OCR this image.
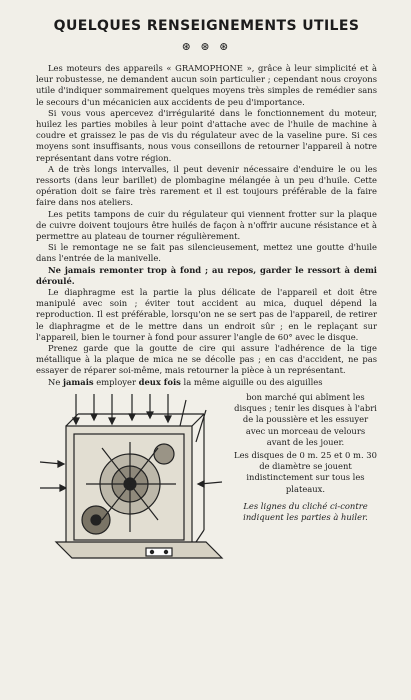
QUELQUES RENSEIGNEMENTS UTILES
⊛ ⊛ ⊛

Les moteurs des appareils « GRAMOPHONE », grâce à leur simplicité et à leur robustesse, ne demandent aucun soin particulier ; cependant nous croyons utile d'indiquer sommairement quelques moyens très simples de remédier sans le secours d'un mécanicien aux accidents de peu d'importance.

Si vous vous apercevez d'irrégularité dans le fonctionnement du moteur, huilez les parties mobiles à leur point d'attache avec de l'huile de machine à coudre et graissez le pas de vis du régulateur avec de la vaseline pure. Si ces moyens sont insuffisants, nous vous conseillons de retourner l'appareil à notre représentant dans votre région.

A de très longs intervalles, il peut devenir nécessaire d'enduire le ou les ressorts (dans leur barillet) de plombagine mélangée à un peu d'huile. Cette opération doit se faire très rarement et il est toujours préférable de la faire faire dans nos ateliers.

Les petits tampons de cuir du régulateur qui viennent frotter sur la plaque de cuivre doivent toujours être huilés de façon à n'offrir aucune résistance et à permettre au plateau de tourner régulièrement.

Si le remontage ne se fait pas silencieusement, mettez une goutte d'huile dans l'entrée de la manivelle.

Ne jamais remonter trop à fond ; au repos, garder le ressort à demi déroulé.

Le diaphragme est la partie la plus délicate de l'appareil et doit être manipulé avec soin ; éviter tout accident au mica, duquel dépend la reproduction. Il est préférable, lorsqu'on ne se sert pas de l'appareil, de retirer le diaphragme et de le mettre dans un endroit sûr ; en le replaçant sur l'appareil, bien le tourner à fond pour assurer l'angle de 60° avec le disque.

Prenez garde que la goutte de cire qui assure l'adhérence de la tige métallique à la plaque de mica ne se décolle pas ; en cas d'accident, ne pas essayer de réparer soi-même, mais retourner la pièce à un représentant.

Ne jamais employer deux fois la même aiguille ou des aiguilles

bon marché qui abîment les disques ; tenir les disques à l'abri de la poussière et les essuyer avec un morceau de velours avant de les jouer.

Les disques de 0 m. 25 et 0 m. 30 de diamètre se jouent indistinctement sur tous les plateaux.

Les lignes du cliché ci-contre indiquent les parties à huiler.
